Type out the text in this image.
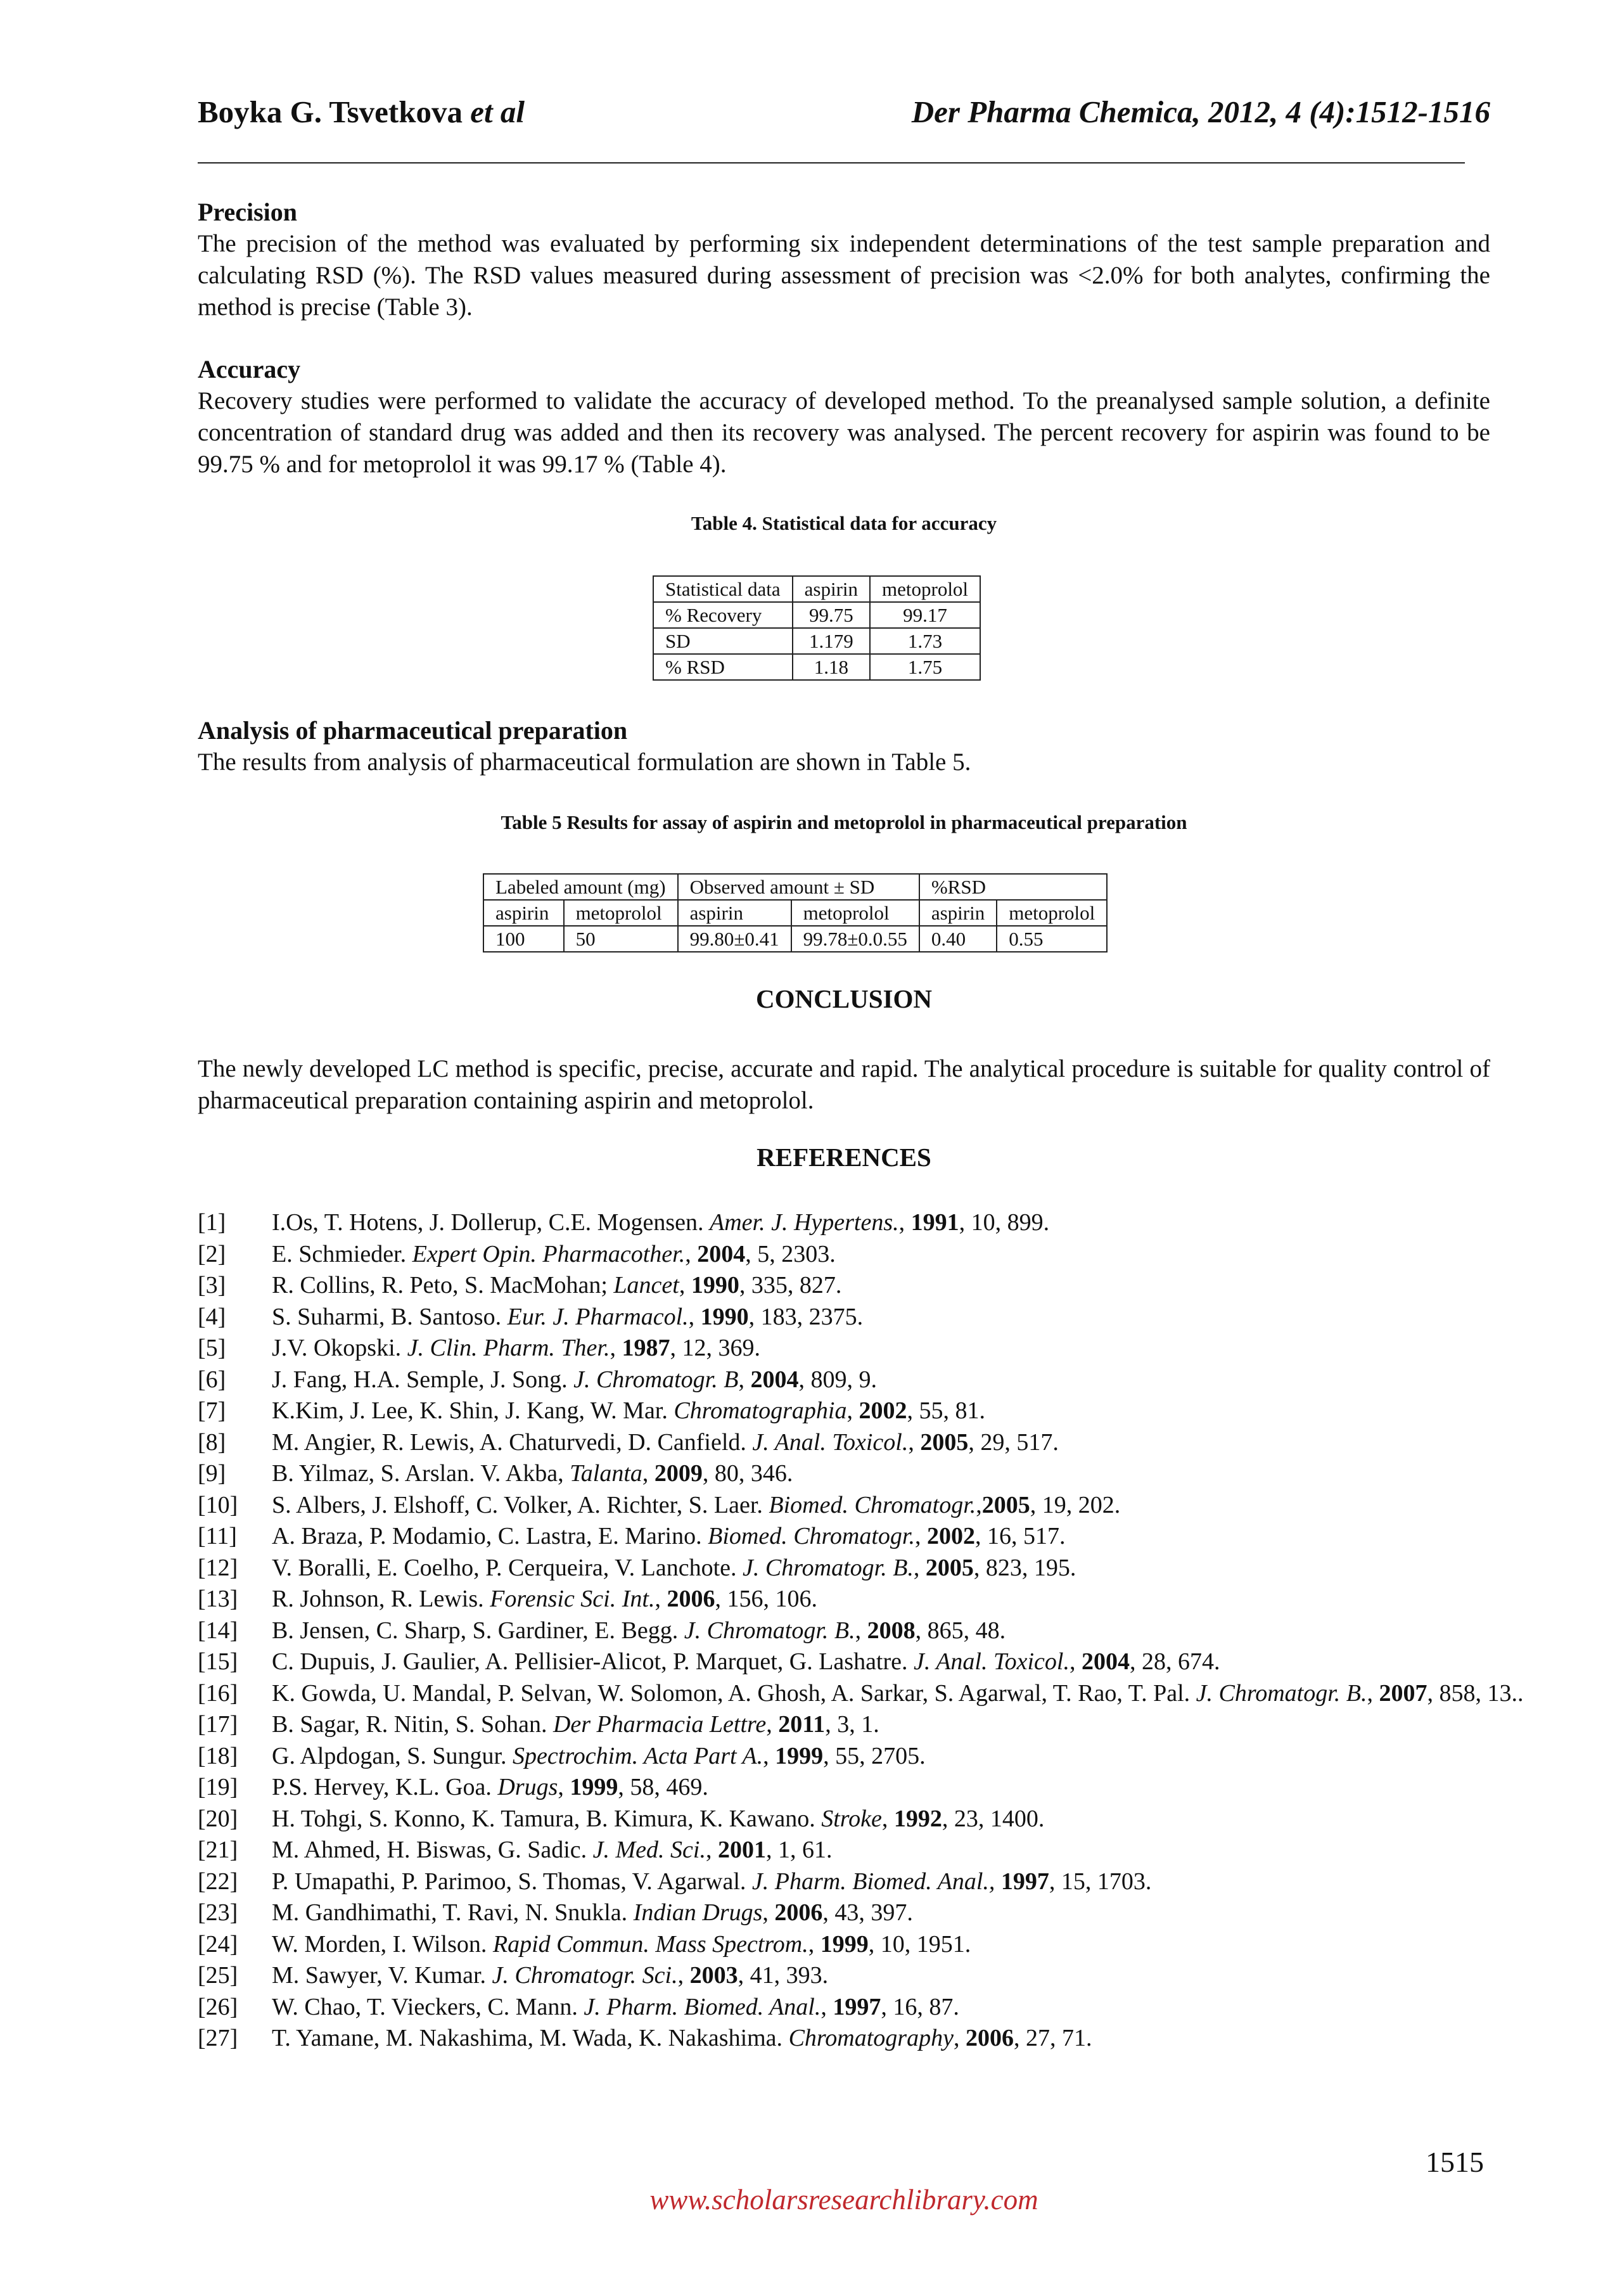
Boyka G. Tsvetkova et al	Der Pharma Chemica, 2012, 4 (4):1512-1516
Precision

The precision of the method was evaluated by performing six independent determinations of the test sample preparation and calculating RSD (%). The RSD values measured during assessment of precision was <2.0% for both analytes, confirming the method is precise (Table 3).

Accuracy

Recovery studies were performed to validate the accuracy of developed method. To the preanalysed sample solution, a definite concentration of standard drug was added and then its recovery was analysed. The percent recovery for aspirin was found to be 99.75 % and for metoprolol it was 99.17 % (Table 4).

Table 4. Statistical data for accuracy
Statistical data	aspirin	metoprolol
% Recovery	99.75	99.17
SD	1.179	1.73
% RSD	1.18	1.75
Analysis of pharmaceutical preparation

The results from analysis of pharmaceutical formulation are shown in Table 5.

Table 5 Results for assay of aspirin and metoprolol in pharmaceutical preparation
Labeled amount (mg)		Observed amount ± SD		%RSD	
aspirin	metoprolol	aspirin	metoprolol	aspirin	metoprolol
100	50	99.80±0.41	99.78±0.0.55	0.40	0.55
CONCLUSION

The newly developed LC method is specific, precise, accurate and rapid. The analytical procedure is suitable for quality control of pharmaceutical preparation containing aspirin and metoprolol.

REFERENCES
[1]	I.Os, T. Hotens, J. Dollerup, C.E. Mogensen. Amer. J. Hypertens., 1991, 10, 899.
[2]	E. Schmieder. Expert Opin. Pharmacother., 2004, 5, 2303.
[3]	R. Collins, R. Peto, S. MacMohan; Lancet, 1990, 335, 827.
[4]	S. Suharmi, B. Santoso. Eur. J. Pharmacol., 1990, 183, 2375.
[5]	J.V. Okopski. J. Clin. Pharm. Ther., 1987, 12, 369.
[6]	J. Fang, H.A. Semple, J. Song. J. Chromatogr. B, 2004, 809, 9.
[7]	K.Kim, J. Lee, K. Shin, J. Kang, W. Mar. Chromatographia, 2002, 55, 81.
[8]	M. Angier, R. Lewis, A. Chaturvedi, D. Canfield. J. Anal. Toxicol., 2005, 29, 517.
[9]	B. Yilmaz, S. Arslan. V. Akba, Talanta, 2009, 80, 346.
[10]	S. Albers, J. Elshoff, C. Volker, A. Richter, S. Laer. Biomed. Chromatogr.,2005, 19, 202.
[11]	A. Braza, P. Modamio, C. Lastra, E. Marino. Biomed. Chromatogr., 2002, 16, 517.
[12]	V. Boralli, E. Coelho, P. Cerqueira, V. Lanchote. J. Chromatogr. B., 2005, 823, 195.
[13]	R. Johnson, R. Lewis. Forensic Sci. Int., 2006, 156, 106.
[14]	B. Jensen, C. Sharp, S. Gardiner, E. Begg. J. Chromatogr. B., 2008, 865, 48.
[15]	C. Dupuis, J. Gaulier, A. Pellisier-Alicot, P. Marquet, G. Lashatre. J. Anal. Toxicol., 2004, 28, 674.
[16]	K. Gowda, U. Mandal, P. Selvan, W. Solomon, A. Ghosh, A. Sarkar, S. Agarwal, T. Rao, T. Pal. J. Chromatogr. B., 2007, 858, 13..
[17]	B. Sagar, R. Nitin, S. Sohan. Der Pharmacia Lettre, 2011, 3, 1.
[18]	G. Alpdogan, S. Sungur. Spectrochim. Acta Part A., 1999, 55, 2705.
[19]	P.S. Hervey, K.L. Goa. Drugs, 1999, 58, 469.
[20]	H. Tohgi, S. Konno, K. Tamura, B. Kimura, K. Kawano. Stroke, 1992, 23, 1400.
[21]	M. Ahmed, H. Biswas, G. Sadic. J. Med. Sci., 2001, 1, 61.
[22]	P. Umapathi, P. Parimoo, S. Thomas, V. Agarwal. J. Pharm. Biomed. Anal., 1997, 15, 1703.
[23]	M. Gandhimathi, T. Ravi, N. Snukla. Indian Drugs, 2006, 43, 397.
[24]	W. Morden, I. Wilson. Rapid Commun. Mass Spectrom., 1999, 10, 1951.
[25]	M. Sawyer, V. Kumar. J. Chromatogr. Sci., 2003, 41, 393.
[26]	W. Chao, T. Vieckers, C. Mann. J. Pharm. Biomed. Anal., 1997, 16, 87.
[27]	T. Yamane, M. Nakashima, M. Wada, K. Nakashima. Chromatography, 2006, 27, 71.
1515
www.scholarsresearchlibrary.com
